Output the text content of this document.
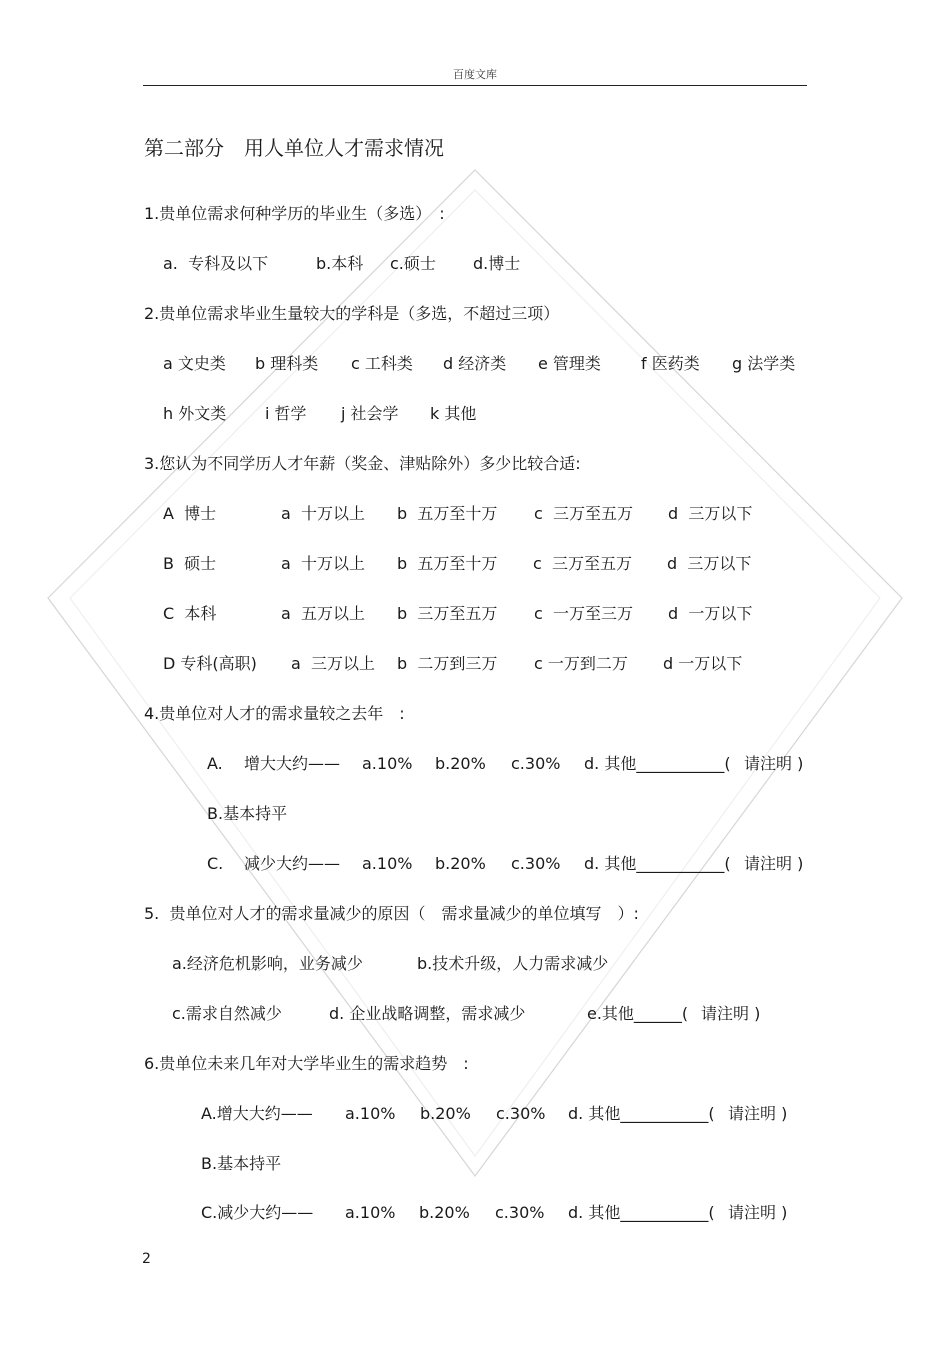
百度文库
第二部分　用人单位人才需求情况
1.贵单位需求何种学历的毕业生（多选）　:
a.  专科及以下	b.本科 c.硕士 d.博士
2.贵单位需求毕业生量较大的学科是（多选，不超过三项）
a 文史类 b 理科类 c 工科类 d 经济类 e 管理类	f 医药类 g 法学类
h 外文类 i 哲学 j 社会学 k 其他
3.您认为不同学历人才年薪（奖金、津贴除外）多少比较合适:
A  博士	a  十万以上 b  五万至十万 c  三万至五万 d  三万以下
B  硕士	a  十万以上 b  五万至十万 c  三万至五万 d  三万以下
C  本科	a  五万以上 b  三万至五万 c  一万至三万 d  一万以下
D 专科(高职) a  三万以上 b  二万到三万 c 一万到二万 d 一万以下
4.贵单位对人才的需求量较之去年　:
A. 增大大约—— a.10% b.20% c.30% d. 其他___________( 请注明 )
B.基本持平
C. 减少大约—— a.10% b.20% c.30% d. 其他___________( 请注明 )
5.  贵单位对人才的需求量减少的原因（　需求量减少的单位填写　）:
a.经济危机影响，业务减少	b.技术升级，人力需求减少
c.需求自然减少	d. 企业战略调整，需求减少	e.其他______( 请注明 )
6.贵单位未来几年对大学毕业生的需求趋势　:
A.增大大约—— a.10% b.20% c.30% d. 其他___________( 请注明 )
B.基本持平
C.减少大约—— a.10% b.20% c.30% d. 其他___________( 请注明 )
2
